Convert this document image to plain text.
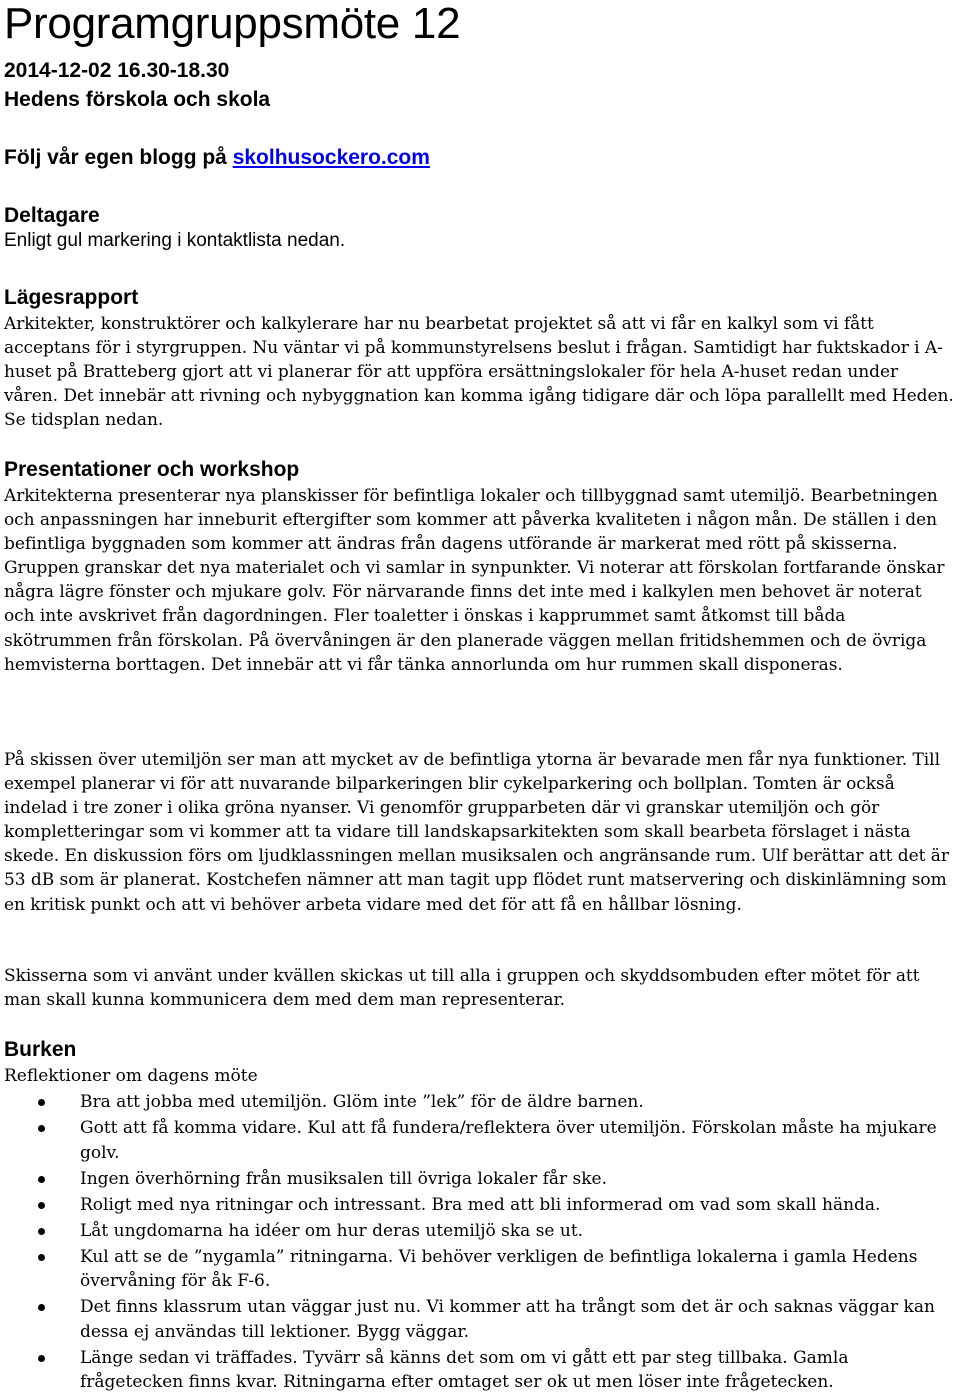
Programgruppsmöte 12
2014-12-02 16.30-18.30
Hedens förskola och skola
Följ vår egen blogg på skolhusockero.com
Deltagare
Enligt gul markering i kontaktlista nedan.
Lägesrapport

Arkitekter, konstruktörer och kalkylerare har nu bearbetat projektet så att vi får en kalkyl som vi fått acceptans för i styrgruppen. Nu väntar vi på kommunstyrelsens beslut i frågan. Samtidigt har fuktskador i A-huset på Bratteberg gjort att vi planerar för att uppföra ersättningslokaler för hela A-huset redan under våren. Det innebär att rivning och nybyggnation kan komma igång tidigare där och löpa parallellt med Heden. Se tidsplan nedan.

Presentationer och workshop

Arkitekterna presenterar nya planskisser för befintliga lokaler och tillbyggnad samt utemiljö. Bearbetningen och anpassningen har inneburit eftergifter som kommer att påverka kvaliteten i någon mån. De ställen i den befintliga byggnaden som kommer att ändras från dagens utförande är markerat med rött på skisserna. Gruppen granskar det nya materialet och vi samlar in synpunkter. Vi noterar att förskolan fortfarande önskar några lägre fönster och mjukare golv. För närvarande finns det inte med i kalkylen men behovet är noterat och inte avskrivet från dagordningen. Fler toaletter i önskas i kapprummet samt åtkomst till båda skötrummen från förskolan. På övervåningen är den planerade väggen mellan fritidshemmen och de övriga hemvisterna borttagen. Det innebär att vi får tänka annorlunda om hur rummen skall disponeras.

På skissen över utemiljön ser man att mycket av de befintliga ytorna är bevarade men får nya funktioner. Till exempel planerar vi för att nuvarande bilparkeringen blir cykelparkering och bollplan. Tomten är också indelad i tre zoner i olika gröna nyanser. Vi genomför grupparbeten där vi granskar utemiljön och gör kompletteringar som vi kommer att ta vidare till landskapsarkitekten som skall bearbeta förslaget i nästa skede. En diskussion förs om ljudklassningen mellan musiksalen och angränsande rum. Ulf berättar att det är 53 dB som är planerat. Kostchefen nämner att man tagit upp flödet runt matservering och diskinlämning som en kritisk punkt och att vi behöver arbeta vidare med det för att få en hållbar lösning.

Skisserna som vi använt under kvällen skickas ut till alla i gruppen och skyddsombuden efter mötet för att man skall kunna kommunicera dem med dem man representerar.

Burken
Reflektioner om dagens möte
Bra att jobba med utemiljön. Glöm inte ”lek” för de äldre barnen.
Gott att få komma vidare. Kul att få fundera/reflektera över utemiljön. Förskolan måste ha mjukare golv.
Ingen överhörning från musiksalen till övriga lokaler får ske.
Roligt med nya ritningar och intressant. Bra med att bli informerad om vad som skall hända.
Låt ungdomarna ha idéer om hur deras utemiljö ska se ut.
Kul att se de ”nygamla” ritningarna. Vi behöver verkligen de befintliga lokalerna i gamla Hedens övervåning för åk F-6.
Det finns klassrum utan väggar just nu. Vi kommer att ha trångt som det är och saknas väggar kan dessa ej användas till lektioner. Bygg väggar.
Länge sedan vi träffades. Tyvärr så känns det som om vi gått ett par steg tillbaka. Gamla frågetecken finns kvar. Ritningarna efter omtaget ser ok ut men löser inte frågetecken.
